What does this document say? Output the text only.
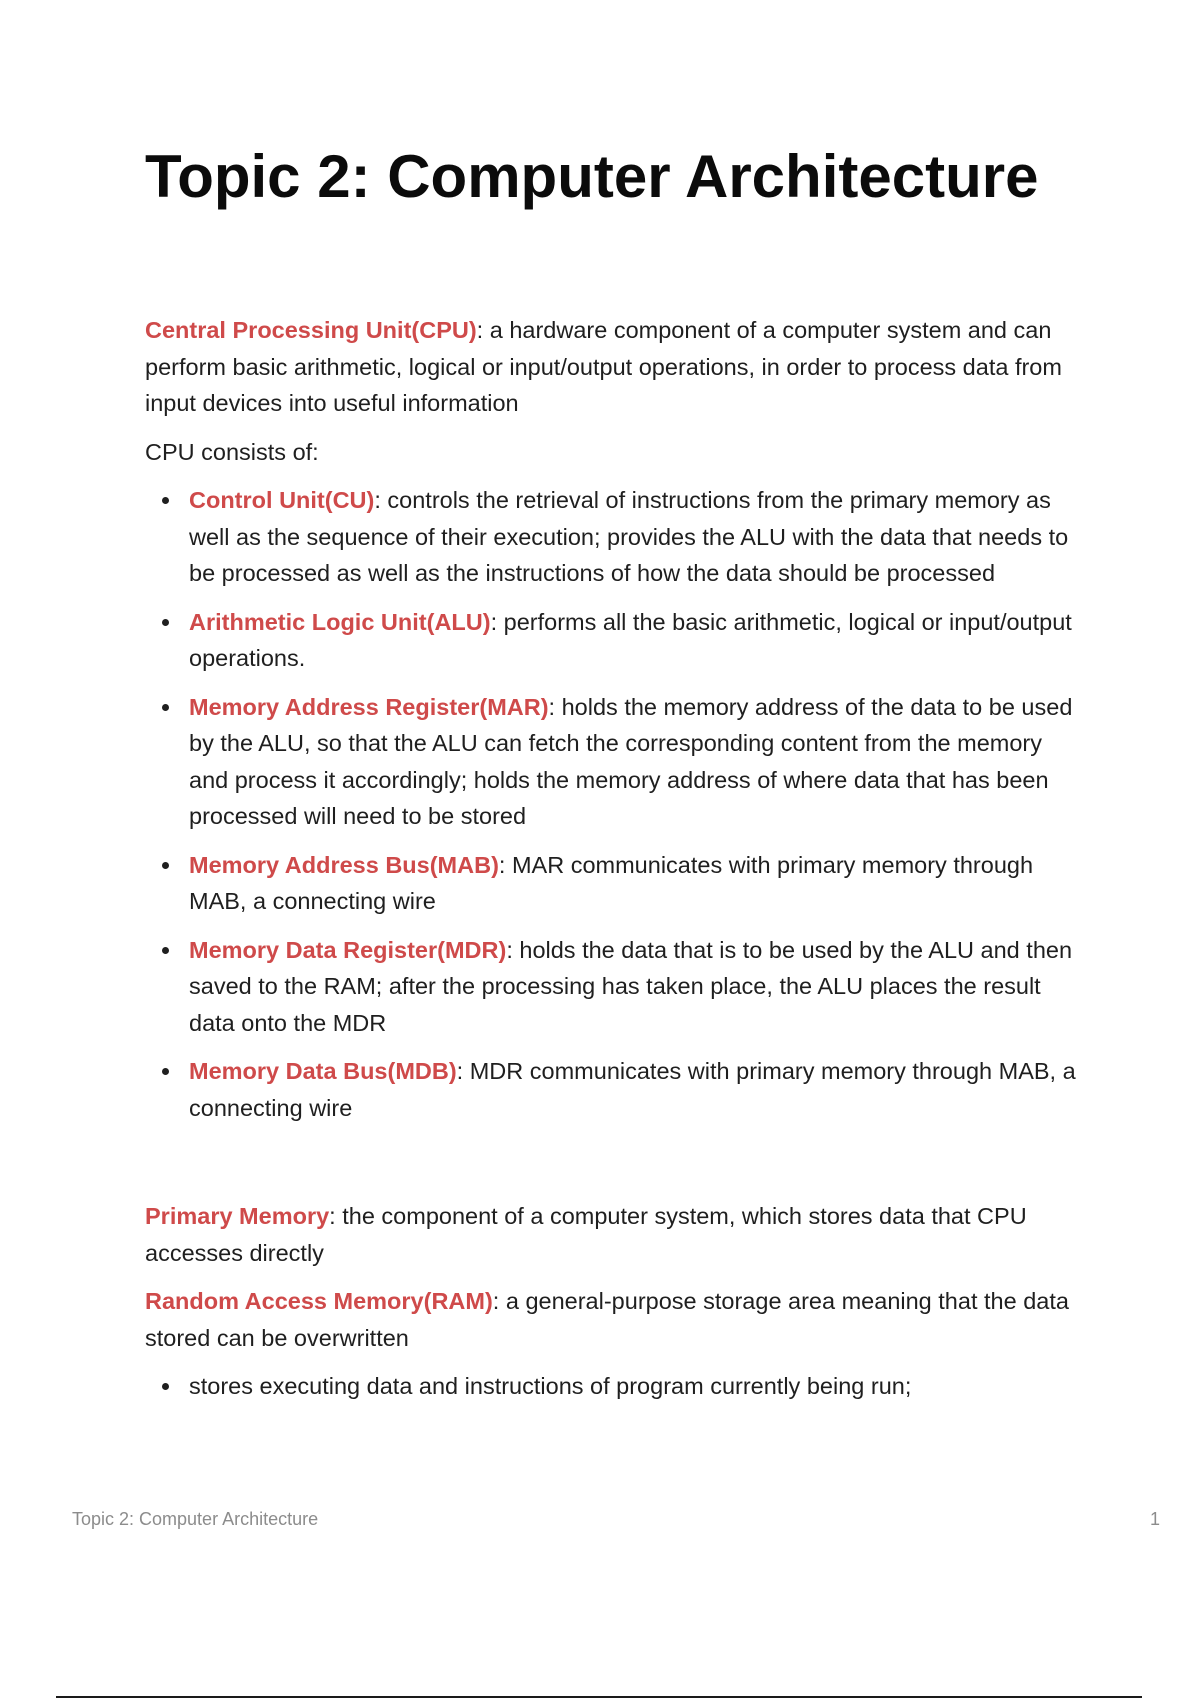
Topic 2: Computer Architecture

Central Processing Unit(CPU): a hardware component of a computer system and can perform basic arithmetic, logical or input/output operations, in order to process data from input devices into useful information

CPU consists of:

Control Unit(CU): controls the retrieval of instructions from the primary memory as well as the sequence of their execution; provides the ALU with the data that needs to be processed as well as the instructions of how the data should be processed
Arithmetic Logic Unit(ALU): performs all the basic arithmetic, logical or input/output operations.
Memory Address Register(MAR): holds the memory address of the data to be used by the ALU, so that the ALU can fetch the corresponding content from the memory and process it accordingly; holds the memory address of where data that has been processed will need to be stored
Memory Address Bus(MAB): MAR communicates with primary memory through MAB, a connecting wire
Memory Data Register(MDR): holds the data that is to be used by the ALU and then saved to the RAM; after the processing has taken place, the ALU places the result data onto the MDR
Memory Data Bus(MDB): MDR communicates with primary memory through MAB, a connecting wire

Primary Memory: the component of a computer system, which stores data that CPU accesses directly

Random Access Memory(RAM): a general-purpose storage area meaning that the data stored can be overwritten

stores executing data and instructions of program currently being run;
Topic 2: Computer Architecture	1
